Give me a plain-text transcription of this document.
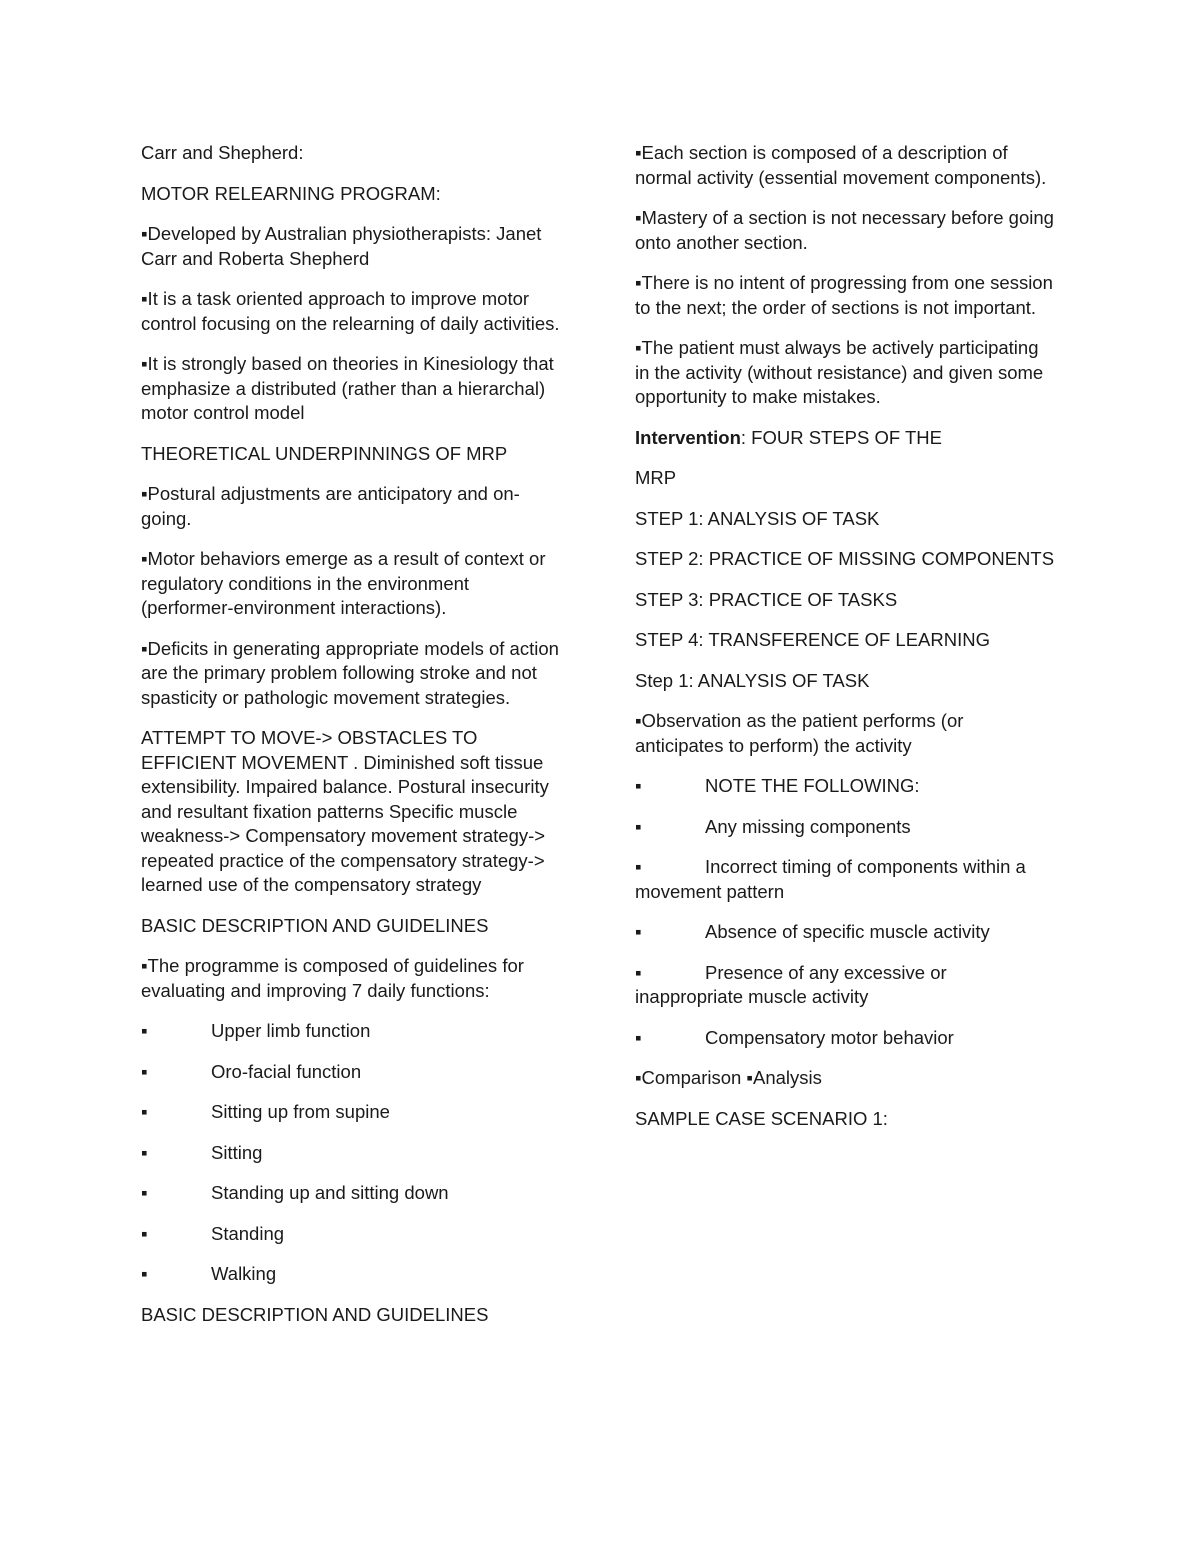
Carr and Shepherd:

MOTOR RELEARNING PROGRAM:

▪Developed by Australian physiotherapists: Janet Carr and Roberta Shepherd

▪It is a task oriented approach to improve motor control focusing on the relearning of daily activities.

▪It is strongly based on theories in Kinesiology that emphasize a distributed (rather than a hierarchal) motor control model

THEORETICAL UNDERPINNINGS OF MRP

▪Postural adjustments are anticipatory and on-going.

▪Motor behaviors emerge as a result of context or regulatory conditions in the environment (performer-environment interactions).

▪Deficits in generating appropriate models of action are the primary problem following stroke and not spasticity or pathologic movement strategies.

ATTEMPT TO MOVE-> OBSTACLES TO EFFICIENT MOVEMENT . Diminished soft tissue extensibility. Impaired balance. Postural insecurity and resultant fixation patterns Specific muscle weakness-> Compensatory movement strategy-> repeated practice of the compensatory strategy-> learned use of the compensatory strategy

BASIC DESCRIPTION AND GUIDELINES

▪The programme is composed of guidelines for evaluating and improving 7 daily functions:

▪	Upper limb function
▪	Oro-facial function
▪	Sitting up from supine
▪	Sitting
▪	Standing up and sitting down
▪	Standing
▪	Walking

BASIC DESCRIPTION AND GUIDELINES

▪Each section is composed of a description of normal activity (essential movement components).

▪Mastery of a section is not necessary before going onto another section.

▪There is no intent of progressing from one session to the next; the order of sections is not important.

▪The patient must always be actively participating in the activity (without resistance) and given some opportunity to make mistakes.

Intervention: FOUR STEPS OF THE

MRP

STEP 1: ANALYSIS OF TASK

STEP 2: PRACTICE OF MISSING COMPONENTS

STEP 3: PRACTICE OF TASKS

STEP 4: TRANSFERENCE OF LEARNING

Step 1: ANALYSIS OF TASK

▪Observation as the patient performs (or anticipates to perform) the activity

▪	NOTE THE FOLLOWING:
▪	Any missing components
▪	Incorrect timing of components within a movement pattern
▪	Absence of specific muscle activity
▪	Presence of any excessive or inappropriate muscle activity
▪	Compensatory motor behavior

▪Comparison ▪Analysis

SAMPLE CASE SCENARIO 1:
